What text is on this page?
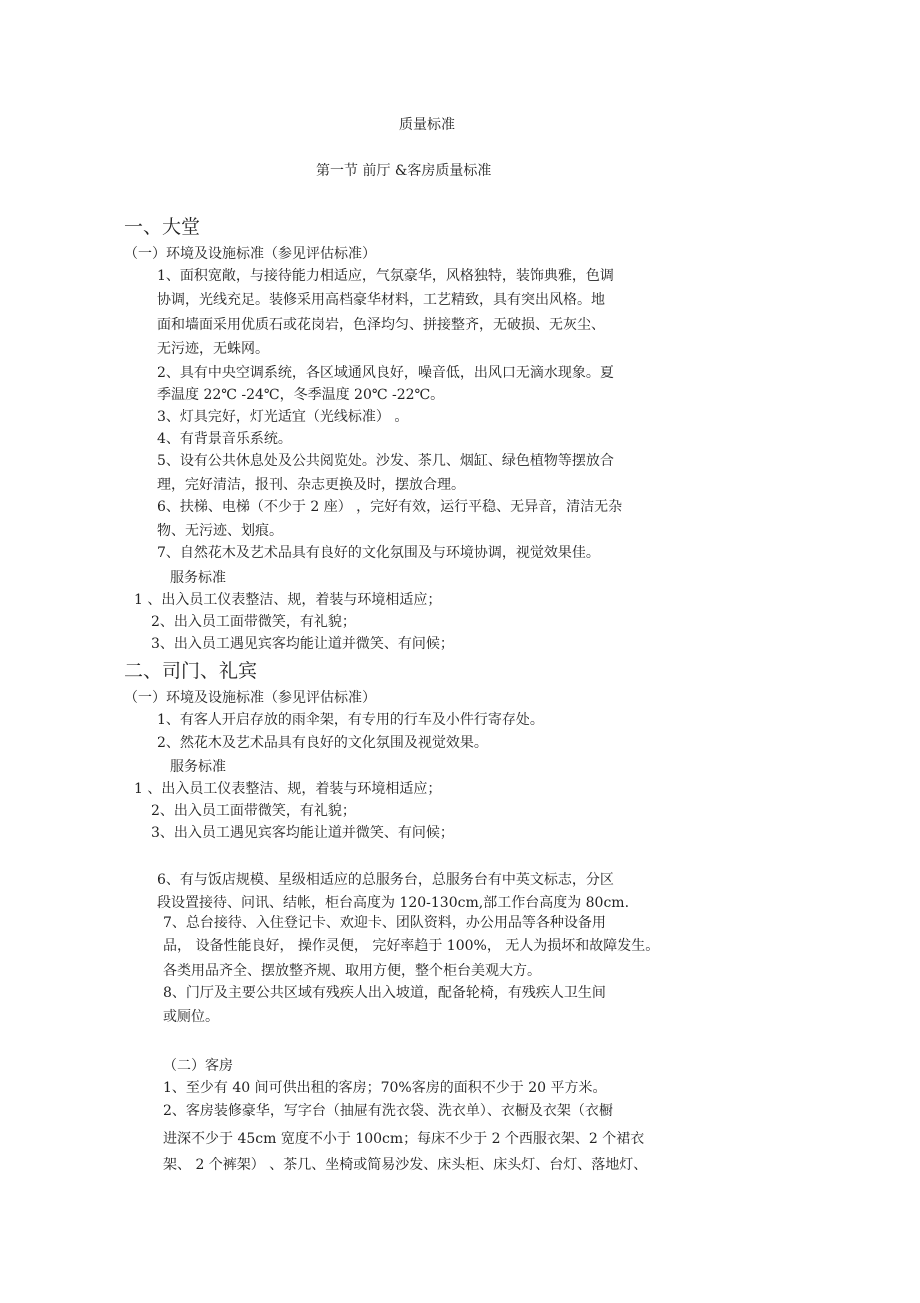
质量标准
第一节 前厅 &客房质量标准
一、大堂
（一）环境及设施标准（参见评估标准）
1、面积宽敞，与接待能力相适应，气氛豪华，风格独特，装饰典雅，色调
协调，光线充足。装修采用高档豪华材料，工艺精致，具有突出风格。地
面和墙面采用优质石或花岗岩，色泽均匀、拼接整齐，无破损、无灰尘、
无污迹，无蛛网。
2、具有中央空调系统，各区域通风良好，噪音低，出风口无滴水现象。夏
季温度 22℃ -24℃，冬季温度 20℃ -22℃。
3、灯具完好，灯光适宜（光线标准） 。
4、有背景音乐系统。
5、设有公共休息处及公共阅览处。沙发、茶几、烟缸、绿色植物等摆放合
理，完好清洁，报刊、杂志更换及时，摆放合理。
6、扶梯、电梯（不少于 2 座） ，完好有效，运行平稳、无异音，清洁无杂
物、无污迹、划痕。
7、自然花木及艺术品具有良好的文化氛围及与环境协调，视觉效果佳。
服务标准
1 、出入员工仪表整洁、规，着装与环境相适应；
2、出入员工面带微笑，有礼貌；
3、出入员工遇见宾客均能让道并微笑、有问候；
二、司门、礼宾
（一）环境及设施标准（参见评估标准）
1、有客人开启存放的雨伞架，有专用的行车及小件行寄存处。
2、然花木及艺术品具有良好的文化氛围及视觉效果。
服务标准
1 、出入员工仪表整洁、规，着装与环境相适应；
2、出入员工面带微笑，有礼貌；
3、出入员工遇见宾客均能让道并微笑、有问候；
6、有与饭店规模、星级相适应的总服务台，总服务台有中英文标志，分区
段设置接待、问讯、结帐，柜台高度为 120-130cm,部工作台高度为 80cm.
7、总台接待、入住登记卡、欢迎卡、团队资料，办公用品等各种设备用
品， 设备性能良好， 操作灵便， 完好率趋于 100%， 无人为损坏和故障发生。
各类用品齐全、摆放整齐规、取用方便，整个柜台美观大方。
8、门厅及主要公共区域有残疾人出入坡道，配备轮椅，有残疾人卫生间
或厕位。
（二）客房
1、至少有 40 间可供出租的客房；70%客房的面积不少于 20 平方米。
2、客房装修豪华，写字台（抽屉有洗衣袋、洗衣单）、衣橱及衣架（衣橱
进深不少于 45cm 宽度不小于 100cm；每床不少于 2 个西服衣架、2 个裙衣
架、 2 个裤架） 、茶几、坐椅或简易沙发、床头柜、床头灯、台灯、落地灯、
